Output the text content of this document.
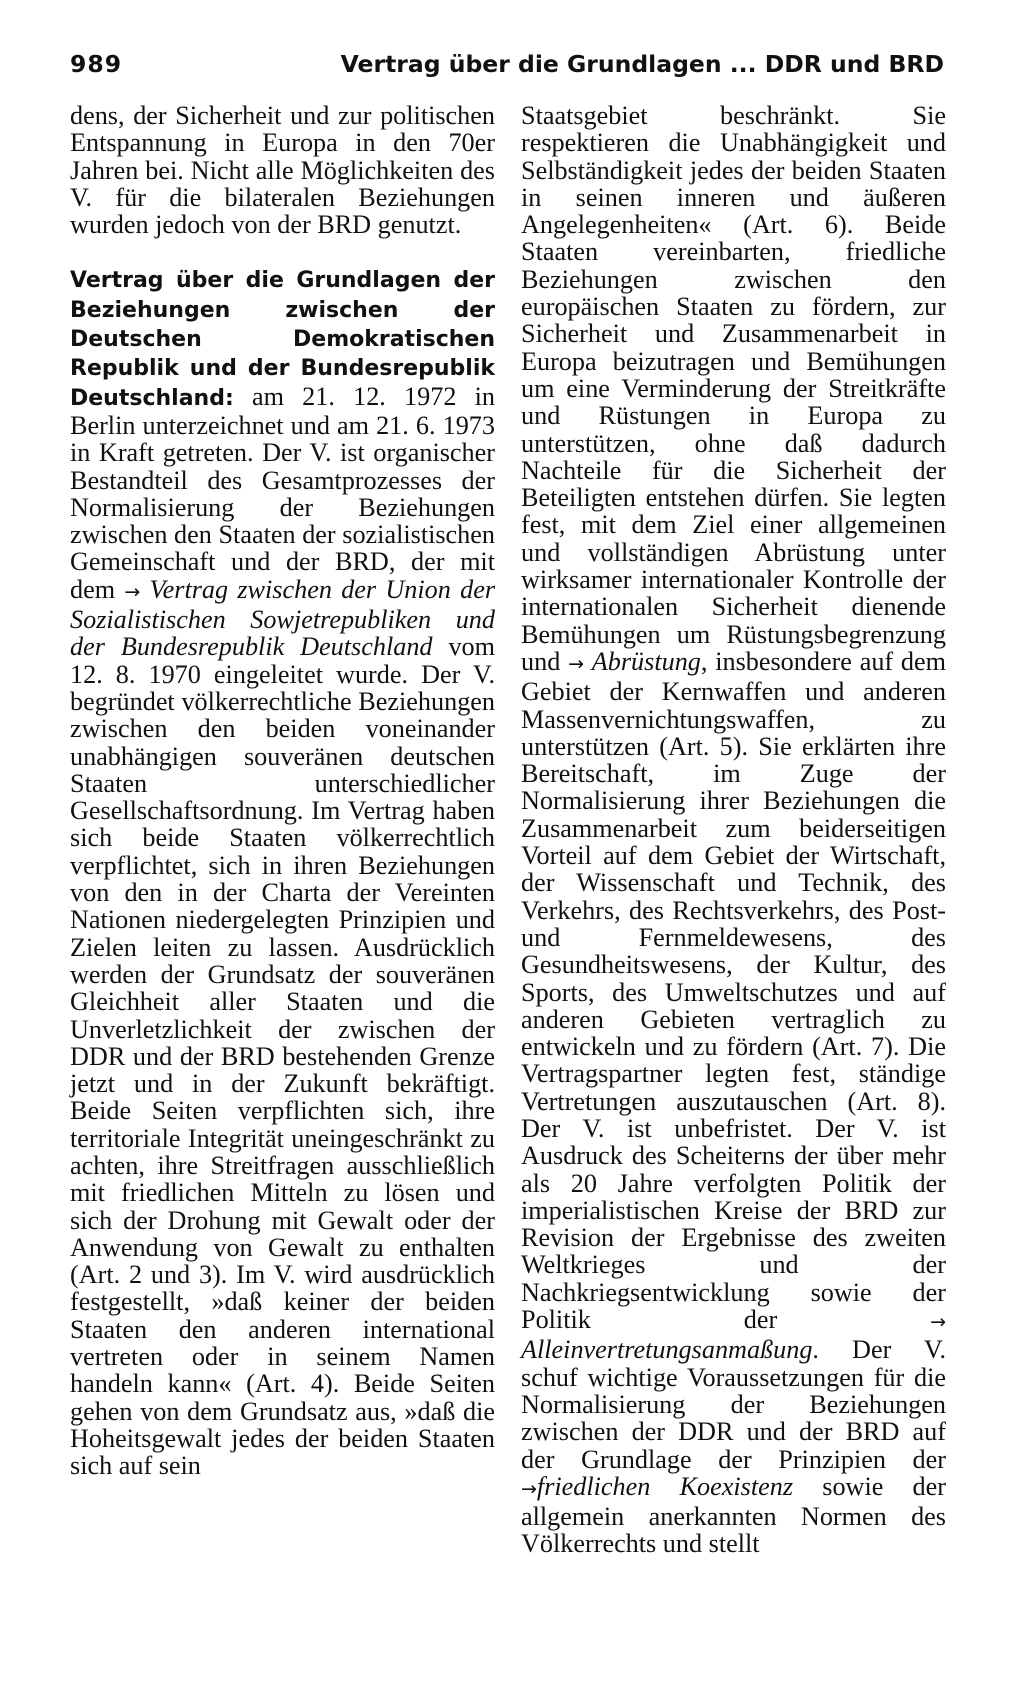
989	Vertrag über die Grundlagen ... DDR und BRD

dens, der Sicherheit und zur politischen Entspannung in Europa in den 70er Jahren bei. Nicht alle Möglichkeiten des V. für die bilateralen Beziehungen wurden jedoch von der BRD genutzt.

Vertrag über die Grundlagen der Beziehungen zwischen der Deutschen Demokratischen Republik und der Bundesrepublik Deutschland: am 21. 12. 1972 in Berlin unterzeichnet und am 21. 6. 1973 in Kraft getreten. Der V. ist organischer Bestandteil des Gesamtprozesses der Normalisierung der Beziehungen zwischen den Staaten der sozialistischen Gemeinschaft und der BRD, der mit dem → Vertrag zwischen der Union der Sozialistischen Sowjetrepubliken und der Bundesrepublik Deutschland vom 12. 8. 1970 eingeleitet wurde. Der V. begründet völkerrechtliche Beziehungen zwischen den beiden voneinander unabhängigen souveränen deutschen Staaten unterschiedlicher Gesellschaftsordnung. Im Vertrag haben sich beide Staaten völkerrechtlich verpflichtet, sich in ihren Beziehungen von den in der Charta der Vereinten Nationen niedergelegten Prinzipien und Zielen leiten zu lassen. Ausdrücklich werden der Grundsatz der souveränen Gleichheit aller Staaten und die Unverletzlichkeit der zwischen der DDR und der BRD bestehenden Grenze jetzt und in der Zukunft bekräftigt. Beide Seiten verpflichten sich, ihre territoriale Integrität uneingeschränkt zu achten, ihre Streitfragen ausschließlich mit friedlichen Mitteln zu lösen und sich der Drohung mit Gewalt oder der Anwendung von Gewalt zu enthalten (Art. 2 und 3). Im V. wird ausdrücklich festgestellt, »daß keiner der beiden Staaten den anderen international vertreten oder in seinem Namen handeln kann« (Art. 4). Beide Seiten gehen von dem Grundsatz aus, »daß die Hoheitsgewalt jedes der beiden Staaten sich auf sein

Staatsgebiet beschränkt. Sie respektieren die Unabhängigkeit und Selbständigkeit jedes der beiden Staaten in seinen inneren und äußeren Angelegenheiten« (Art. 6). Beide Staaten vereinbarten, friedliche Beziehungen zwischen den europäischen Staaten zu fördern, zur Sicherheit und Zusammenarbeit in Europa beizutragen und Bemühungen um eine Verminderung der Streitkräfte und Rüstungen in Europa zu unterstützen, ohne daß dadurch Nachteile für die Sicherheit der Beteiligten entstehen dürfen. Sie legten fest, mit dem Ziel einer allgemeinen und vollständigen Abrüstung unter wirksamer internationaler Kontrolle der internationalen Sicherheit dienende Bemühungen um Rüstungsbegrenzung und → Abrüstung, insbesondere auf dem Gebiet der Kernwaffen und anderen Massenvernichtungswaffen, zu unterstützen (Art. 5). Sie erklärten ihre Bereitschaft, im Zuge der Normalisierung ihrer Beziehungen die Zusammenarbeit zum beiderseitigen Vorteil auf dem Gebiet der Wirtschaft, der Wissenschaft und Technik, des Verkehrs, des Rechtsverkehrs, des Post- und Fernmeldewesens, des Gesundheitswesens, der Kultur, des Sports, des Umweltschutzes und auf anderen Gebieten vertraglich zu entwickeln und zu fördern (Art. 7). Die Vertragspartner legten fest, ständige Vertretungen auszutauschen (Art. 8). Der V. ist unbefristet. Der V. ist Ausdruck des Scheiterns der über mehr als 20 Jahre verfolgten Politik der imperialistischen Kreise der BRD zur Revision der Ergebnisse des zweiten Weltkrieges und der Nachkriegsentwicklung sowie der Politik der → Alleinvertretungsanmaßung. Der V. schuf wichtige Voraussetzungen für die Normalisierung der Beziehungen zwischen der DDR und der BRD auf der Grundlage der Prinzipien der →friedlichen Koexistenz sowie der allgemein anerkannten Normen des Völkerrechts und stellt
